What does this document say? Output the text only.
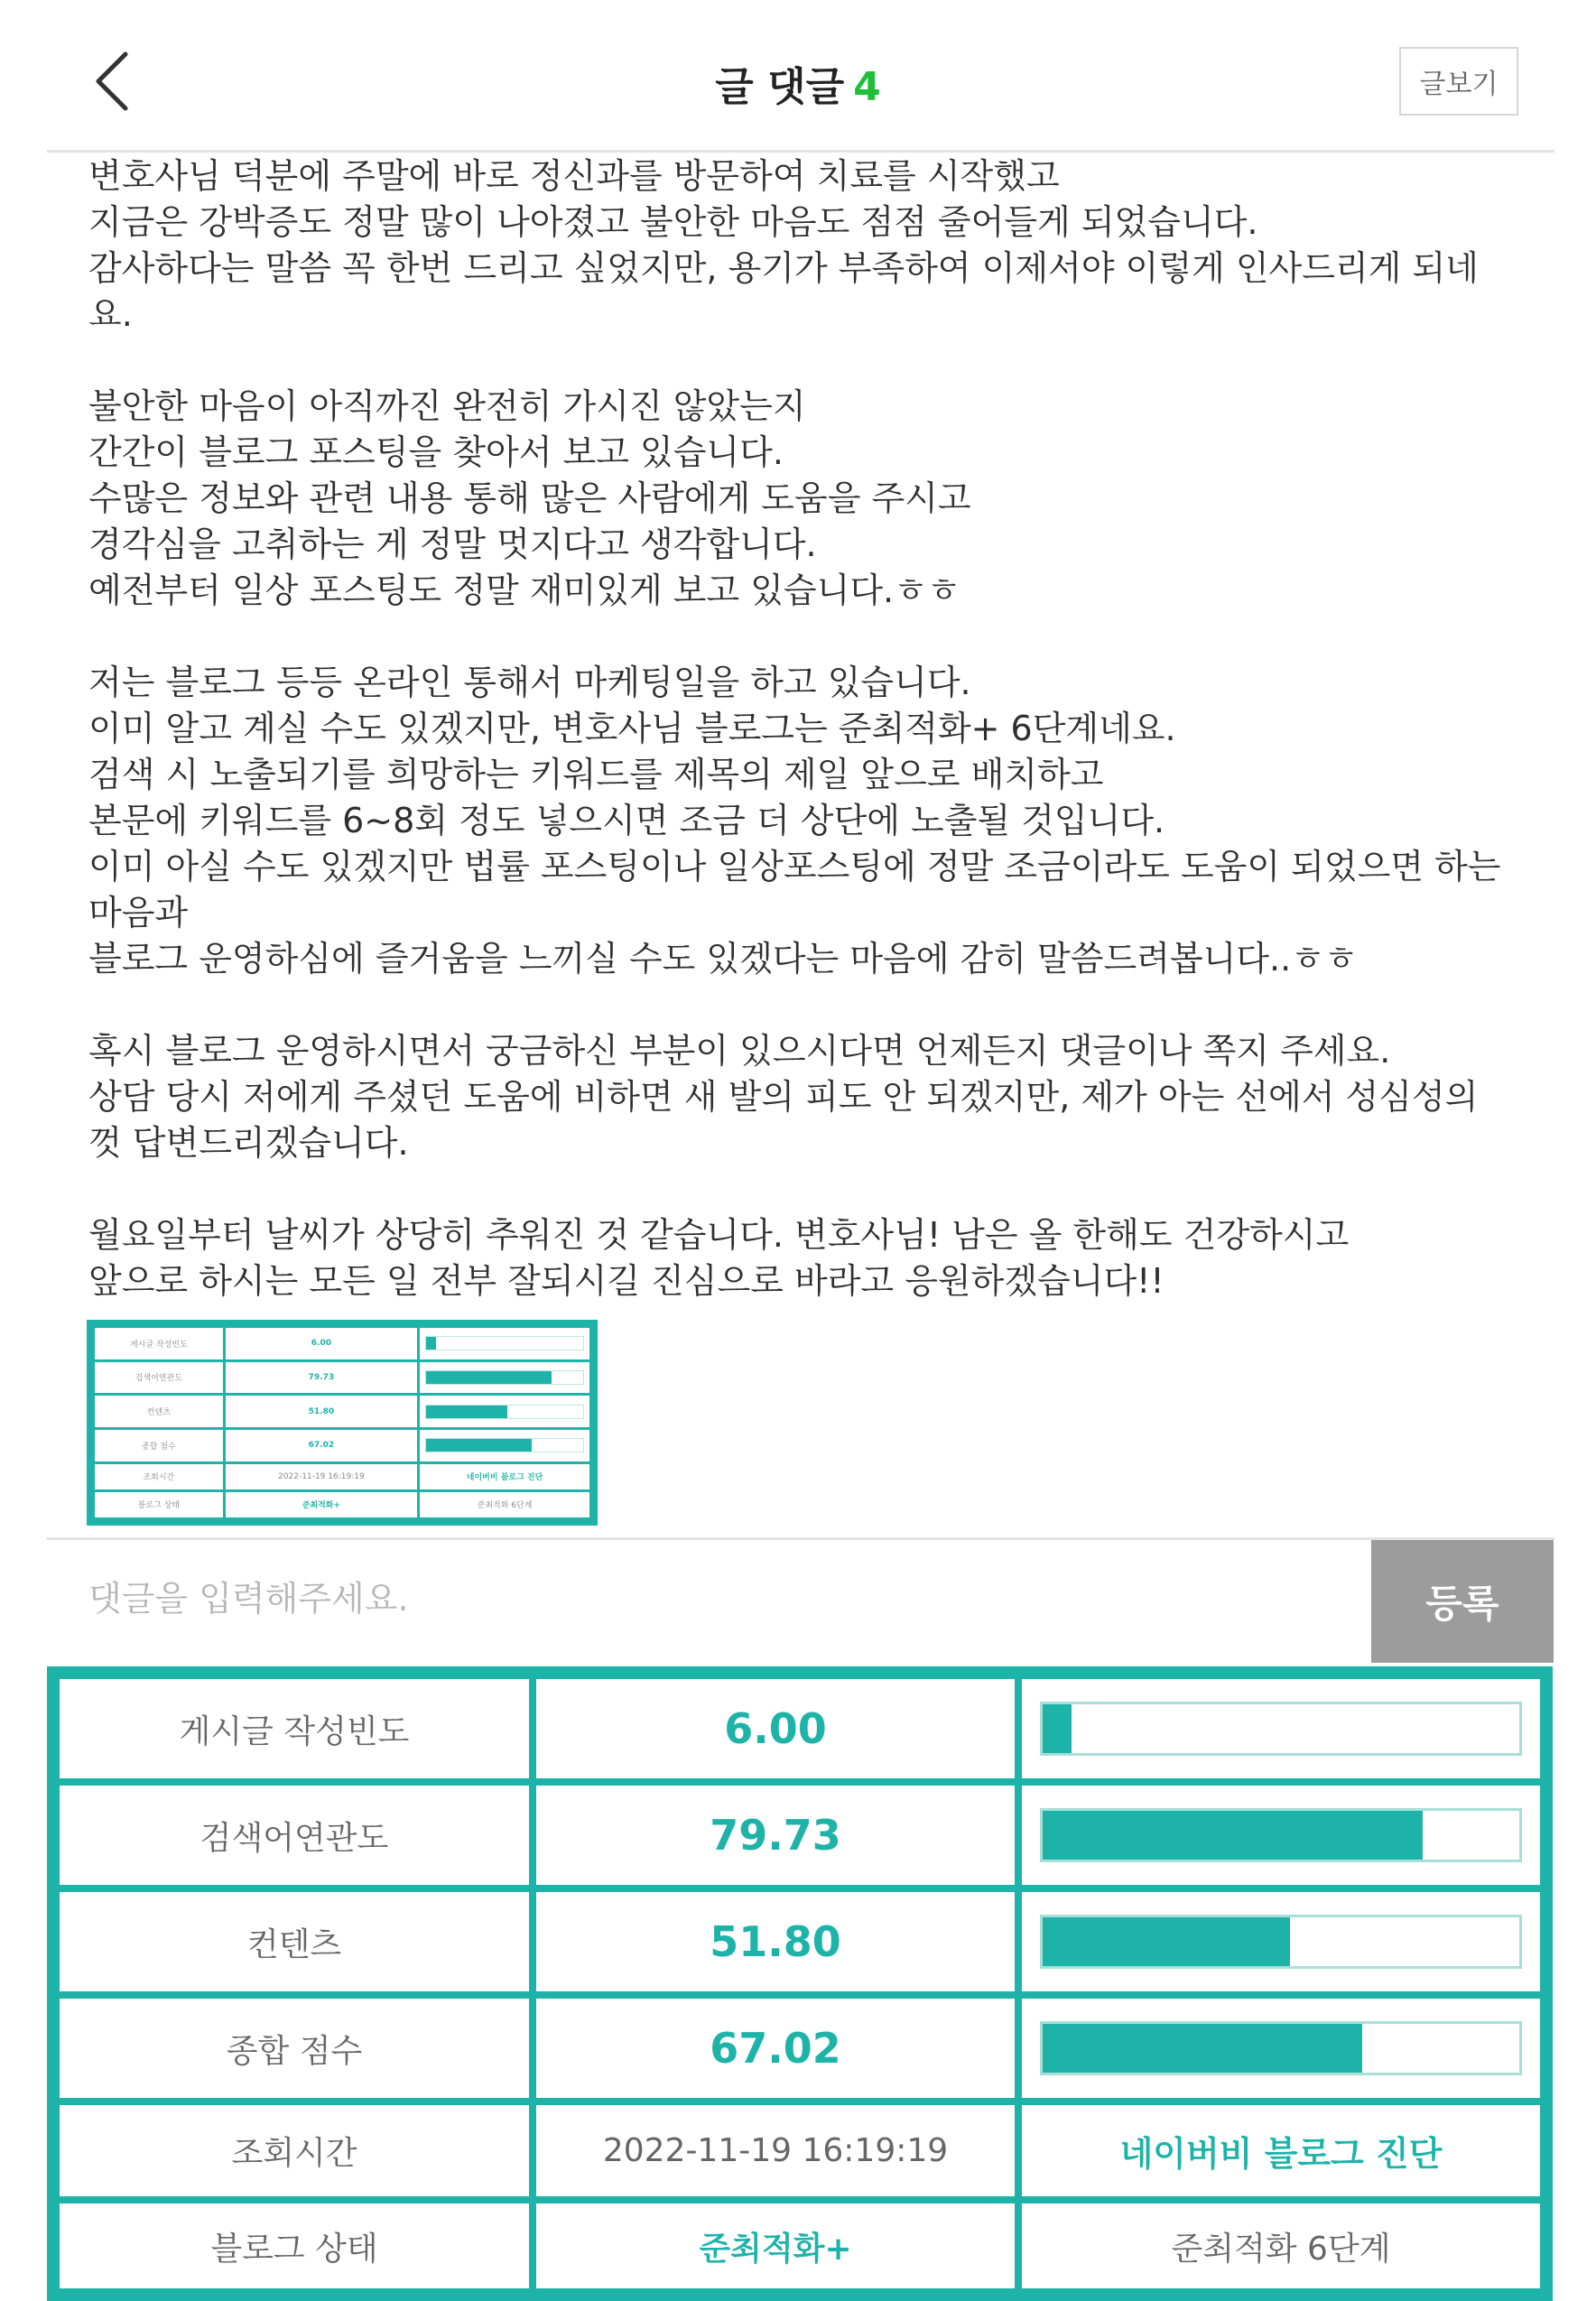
글 댓글 4	글보기

변호사님 덕분에 주말에 바로 정신과를 방문하여 치료를 시작했고
지금은 강박증도 정말 많이 나아졌고 불안한 마음도 점점 줄어들게 되었습니다.
감사하다는 말씀 꼭 한번 드리고 싶었지만, 용기가 부족하여 이제서야 이렇게 인사드리게 되네
요.

불안한 마음이 아직까진 완전히 가시진 않았는지
간간이 블로그 포스팅을 찾아서 보고 있습니다.
수많은 정보와 관련 내용 통해 많은 사람에게 도움을 주시고
경각심을 고취하는 게 정말 멋지다고 생각합니다.
예전부터 일상 포스팅도 정말 재미있게 보고 있습니다.ㅎㅎ

저는 블로그 등등 온라인 통해서 마케팅일을 하고 있습니다.
이미 알고 계실 수도 있겠지만, 변호사님 블로그는 준최적화+ 6단계네요.
검색 시 노출되기를 희망하는 키워드를 제목의 제일 앞으로 배치하고
본문에 키워드를 6~8회 정도 넣으시면 조금 더 상단에 노출될 것입니다.
이미 아실 수도 있겠지만 법률 포스팅이나 일상포스팅에 정말 조금이라도 도움이 되었으면 하는
마음과
블로그 운영하심에 즐거움을 느끼실 수도 있겠다는 마음에 감히 말씀드려봅니다..ㅎㅎ

혹시 블로그 운영하시면서 궁금하신 부분이 있으시다면 언제든지 댓글이나 쪽지 주세요.
상담 당시 저에게 주셨던 도움에 비하면 새 발의 피도 안 되겠지만, 제가 아는 선에서 성심성의
껏 답변드리겠습니다.

월요일부터 날씨가 상당히 추워진 것 같습니다. 변호사님! 남은 올 한해도 건강하시고
앞으로 하시는 모든 일 전부 잘되시길 진심으로 바라고 응원하겠습니다!!

게시글 작성빈도	6.00	

검색어연관도	79.73	

컨텐츠	51.80	

종합 점수	67.02	

조회시간	2022-11-19 16:19:19	네이버비 블로그 진단
블로그 상태	준최적화+	준최적화 6단계
댓글을 입력해주세요.
등록
게시글 작성빈도	6.00	

검색어연관도	79.73	

컨텐츠	51.80	

종합 점수	67.02	

조회시간	2022-11-19 16:19:19	네이버비 블로그 진단
블로그 상태	준최적화+	준최적화 6단계
